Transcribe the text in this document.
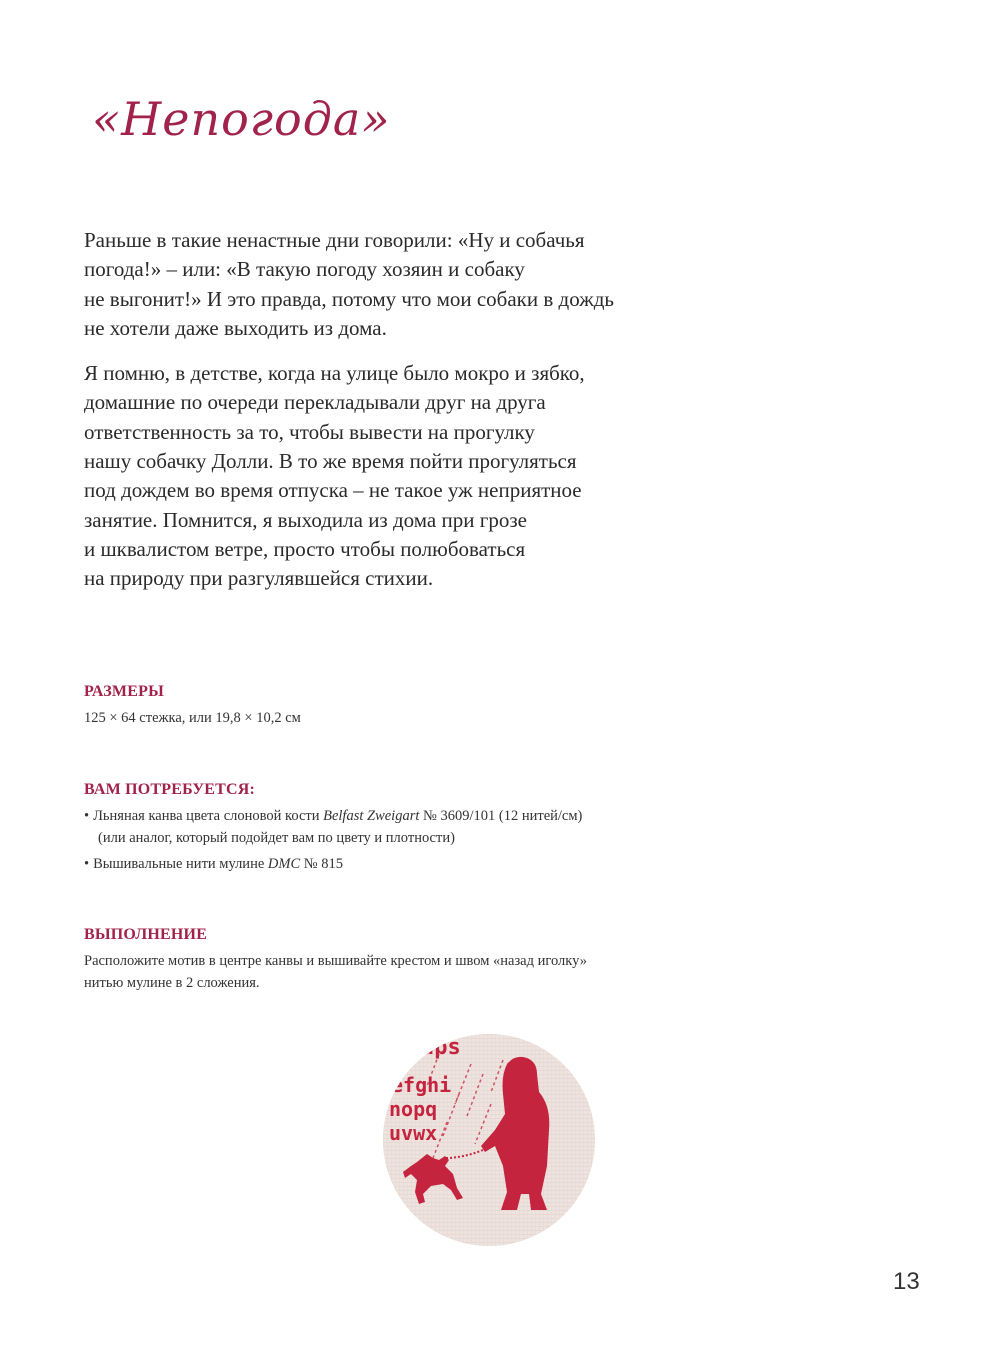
«Непогода»

Раньше в такие ненастные дни говорили: «Ну и собачья
погода!» – или: «В такую погоду хозяин и собаку
не выгонит!» И это правда, потому что мои собаки в дождь
не хотели даже выходить из дома.

Я помню, в детстве, когда на улице было мокро и зябко,
домашние по очереди перекладывали друг на друга
ответственность за то, чтобы вывести на прогулку
нашу собачку Долли. В то же время пойти прогуляться
под дождем во время отпуска – не такое уж неприятное
занятие. Помнится, я выходила из дома при грозе
и шквалистом ветре, просто чтобы полюбоваться
на природу при разгулявшейся стихии.

РАЗМЕРЫ
125 × 64 стежка, или 19,8 × 10,2 см
ВАМ ПОТРЕБУЕТСЯ:
• Льняная канва цвета слоновой кости Belfast Zweigart № 3609/101 (12 нитей/см)
(или аналог, который подойдет вам по цвету и плотности)
• Вышивальные нити мулине DMC № 815
ВЫПОЛНЕНИЕ
Расположите мотив в центре канвы и вышивайте крестом и швом «назад иголку»
нитью мулине в 2 сложения.
ups
efghi
nopq
uvwx
13
